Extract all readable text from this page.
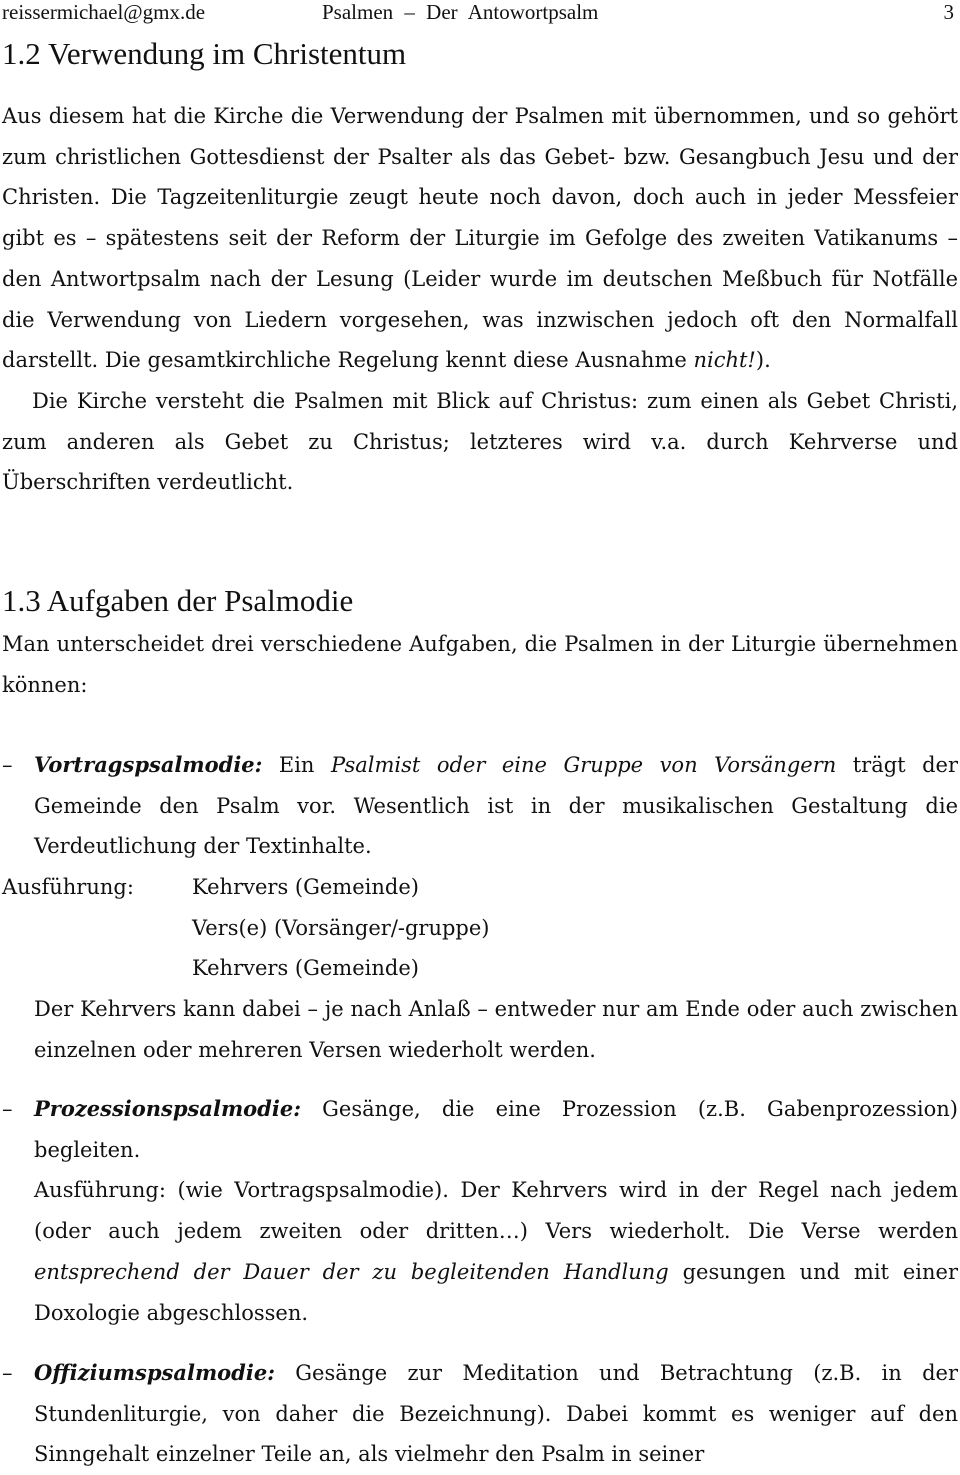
reissermichael@gmx.de	Psalmen – Der Antowortpsalm	3
1.2 Verwendung im Christentum

Aus diesem hat die Kirche die Verwendung der Psalmen mit übernommen, und so gehört zum christlichen Gottesdienst der Psalter als das Gebet- bzw. Gesangbuch Jesu und der Christen. Die Tagzeitenliturgie zeugt heute noch davon, doch auch in jeder Messfeier gibt es – spätestens seit der Reform der Liturgie im Gefolge des zweiten Vatikanums – den Antwortpsalm nach der Lesung (Leider wurde im deutschen Meßbuch für Notfälle die Verwendung von Liedern vorgesehen, was inzwischen jedoch oft den Normalfall darstellt. Die gesamtkirchliche Regelung kennt diese Ausnahme nicht!).
Die Kirche versteht die Psalmen mit Blick auf Christus: zum einen als Gebet Christi, zum anderen als Gebet zu Christus; letzteres wird v.a. durch Kehrverse und Überschriften verdeutlicht.

1.3 Aufgaben der Psalmodie

Man unterscheidet drei verschiedene Aufgaben, die Psalmen in der Liturgie übernehmen können:

– Vortragspsalmodie: Ein Psalmist oder eine Gruppe von Vorsängern trägt der Gemeinde den Psalm vor. Wesentlich ist in der musikalischen Gestaltung die Verdeutlichung der Textinhalte.
Ausführung:	Kehrvers (Gemeinde)
Vers(e) (Vorsänger/-gruppe)
Kehrvers (Gemeinde)
Der Kehrvers kann dabei – je nach Anlaß – entweder nur am Ende oder auch zwischen einzelnen oder mehreren Versen wiederholt werden.
– Prozessionspsalmodie: Gesänge, die eine Prozession (z.B. Gabenprozession) begleiten.
Ausführung: (wie Vortragspsalmodie). Der Kehrvers wird in der Regel nach jedem (oder auch jedem zweiten oder dritten…) Vers wiederholt. Die Verse werden entsprechend der Dauer der zu begleitenden Handlung gesungen und mit einer Doxologie abgeschlossen.
– Offiziumspsalmodie: Gesänge zur Meditation und Betrachtung (z.B. in der Stundenliturgie, von daher die Bezeichnung). Dabei kommt es weniger auf den Sinngehalt einzelner Teile an, als vielmehr den Psalm in seiner
